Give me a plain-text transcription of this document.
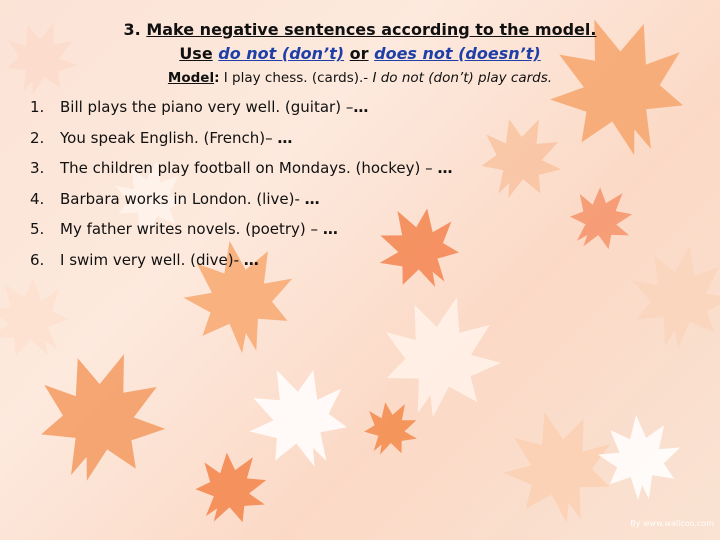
3. Make negative sentences according to the model.
Use do not (don’t) or does not (doesn’t)
Model: I play chess. (cards).- I do not (don’t) play cards.
1. Bill plays the piano very well. (guitar) –…
2. You speak English. (French)– …
3. The children play football on Mondays. (hockey) – …
4. Barbara works in London. (live)- …
5. My father writes novels. (poetry) – …
6. I swim very well. (dive)- …
By www.wallcoo.com
